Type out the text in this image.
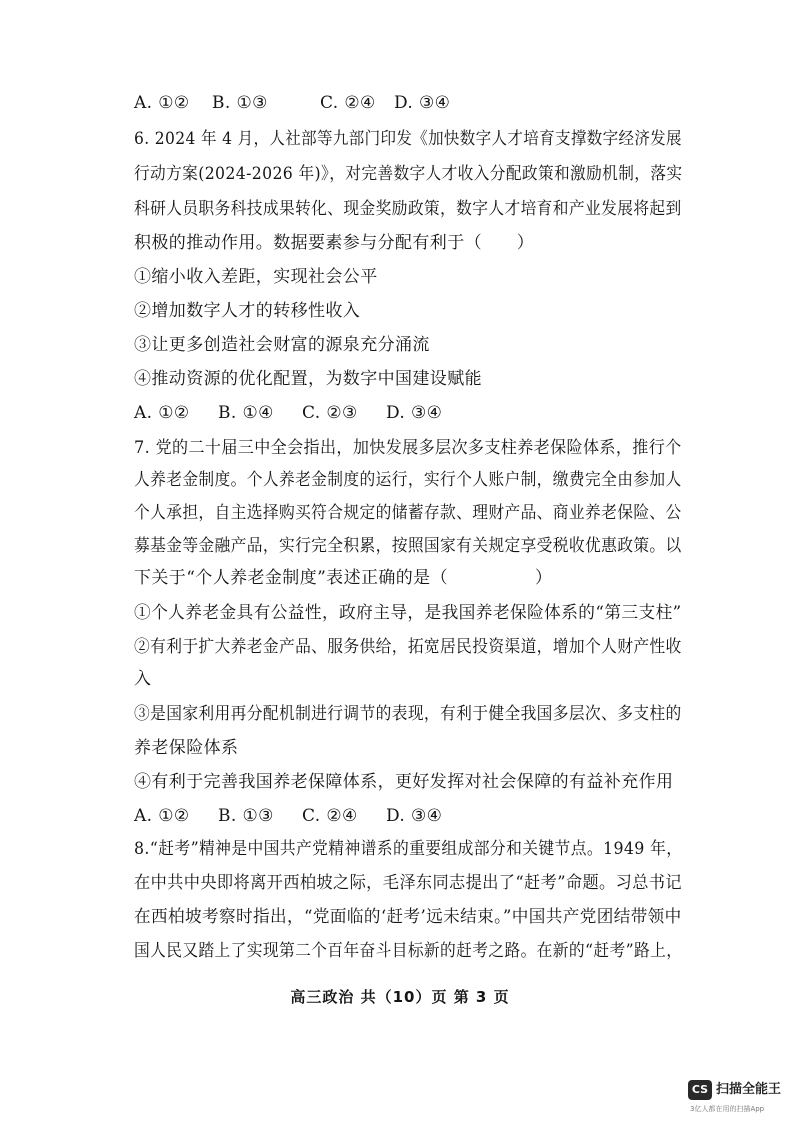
A. ①② B. ①③	C. ②④ D. ③④
6. 2024 年 4 月，人社部等九部门印发《加快数字人才培育支撑数字经济发展
行动方案(2024-2026 年)》，对完善数字人才收入分配政策和激励机制，落实
科研人员职务科技成果转化、现金奖励政策，数字人才培育和产业发展将起到
积极的推动作用。数据要素参与分配有利于（　　）
①缩小收入差距，实现社会公平
②增加数字人才的转移性收入
③让更多创造社会财富的源泉充分涌流
④推动资源的优化配置，为数字中国建设赋能
A. ①② B. ①④ C. ②③ D. ③④
7. 党的二十届三中全会指出，加快发展多层次多支柱养老保险体系，推行个
人养老金制度。个人养老金制度的运行，实行个人账户制，缴费完全由参加人
个人承担，自主选择购买符合规定的储蓄存款、理财产品、商业养老保险、公
募基金等金融产品，实行完全积累，按照国家有关规定享受税收优惠政策。以
下关于“个人养老金制度”表述正确的是（　　　　　）
①个人养老金具有公益性，政府主导，是我国养老保险体系的“第三支柱”
②有利于扩大养老金产品、服务供给，拓宽居民投资渠道，增加个人财产性收
入
③是国家利用再分配机制进行调节的表现，有利于健全我国多层次、多支柱的
养老保险体系
④有利于完善我国养老保障体系，更好发挥对社会保障的有益补充作用
A. ①② B. ①③ C. ②④ D. ③④
8.“赶考”精神是中国共产党精神谱系的重要组成部分和关键节点。1949 年，
在中共中央即将离开西柏坡之际，毛泽东同志提出了“赶考”命题。习总书记
在西柏坡考察时指出，“党面临的‘赶考’远未结束。”中国共产党团结带领中
国人民又踏上了实现第二个百年奋斗目标新的赶考之路。在新的“赶考”路上，
高三政治 共（10）页 第 3 页
CS 扫描全能王
3亿人都在用的扫描App
